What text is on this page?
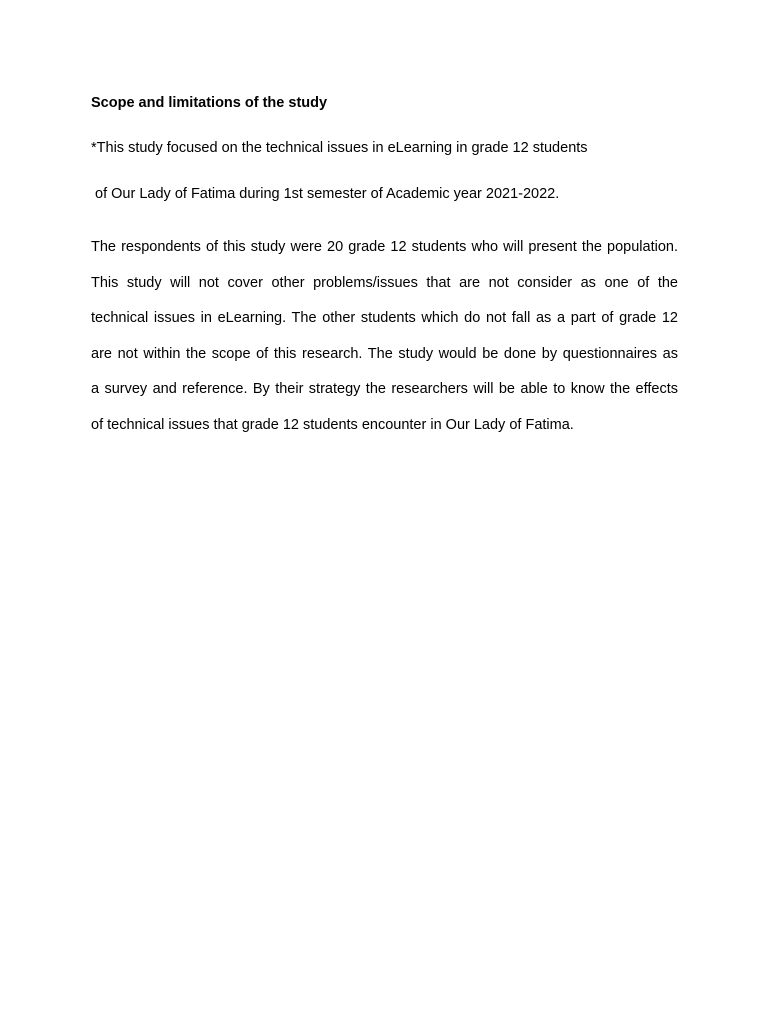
Scope and limitations of the study
*This study focused on the technical issues in eLearning in grade 12 students
of Our Lady of Fatima during 1st semester of Academic year 2021-2022.
The respondents of this study were 20 grade 12 students who will present the population.
This study will not cover other problems/issues that are not consider as one of the
technical issues in eLearning. The other students which do not fall as a part of grade 12
are not within the scope of this research. The study would be done by questionnaires as
a survey and reference. By their strategy the researchers will be able to know the effects
of technical issues that grade 12 students encounter in Our Lady of Fatima.
